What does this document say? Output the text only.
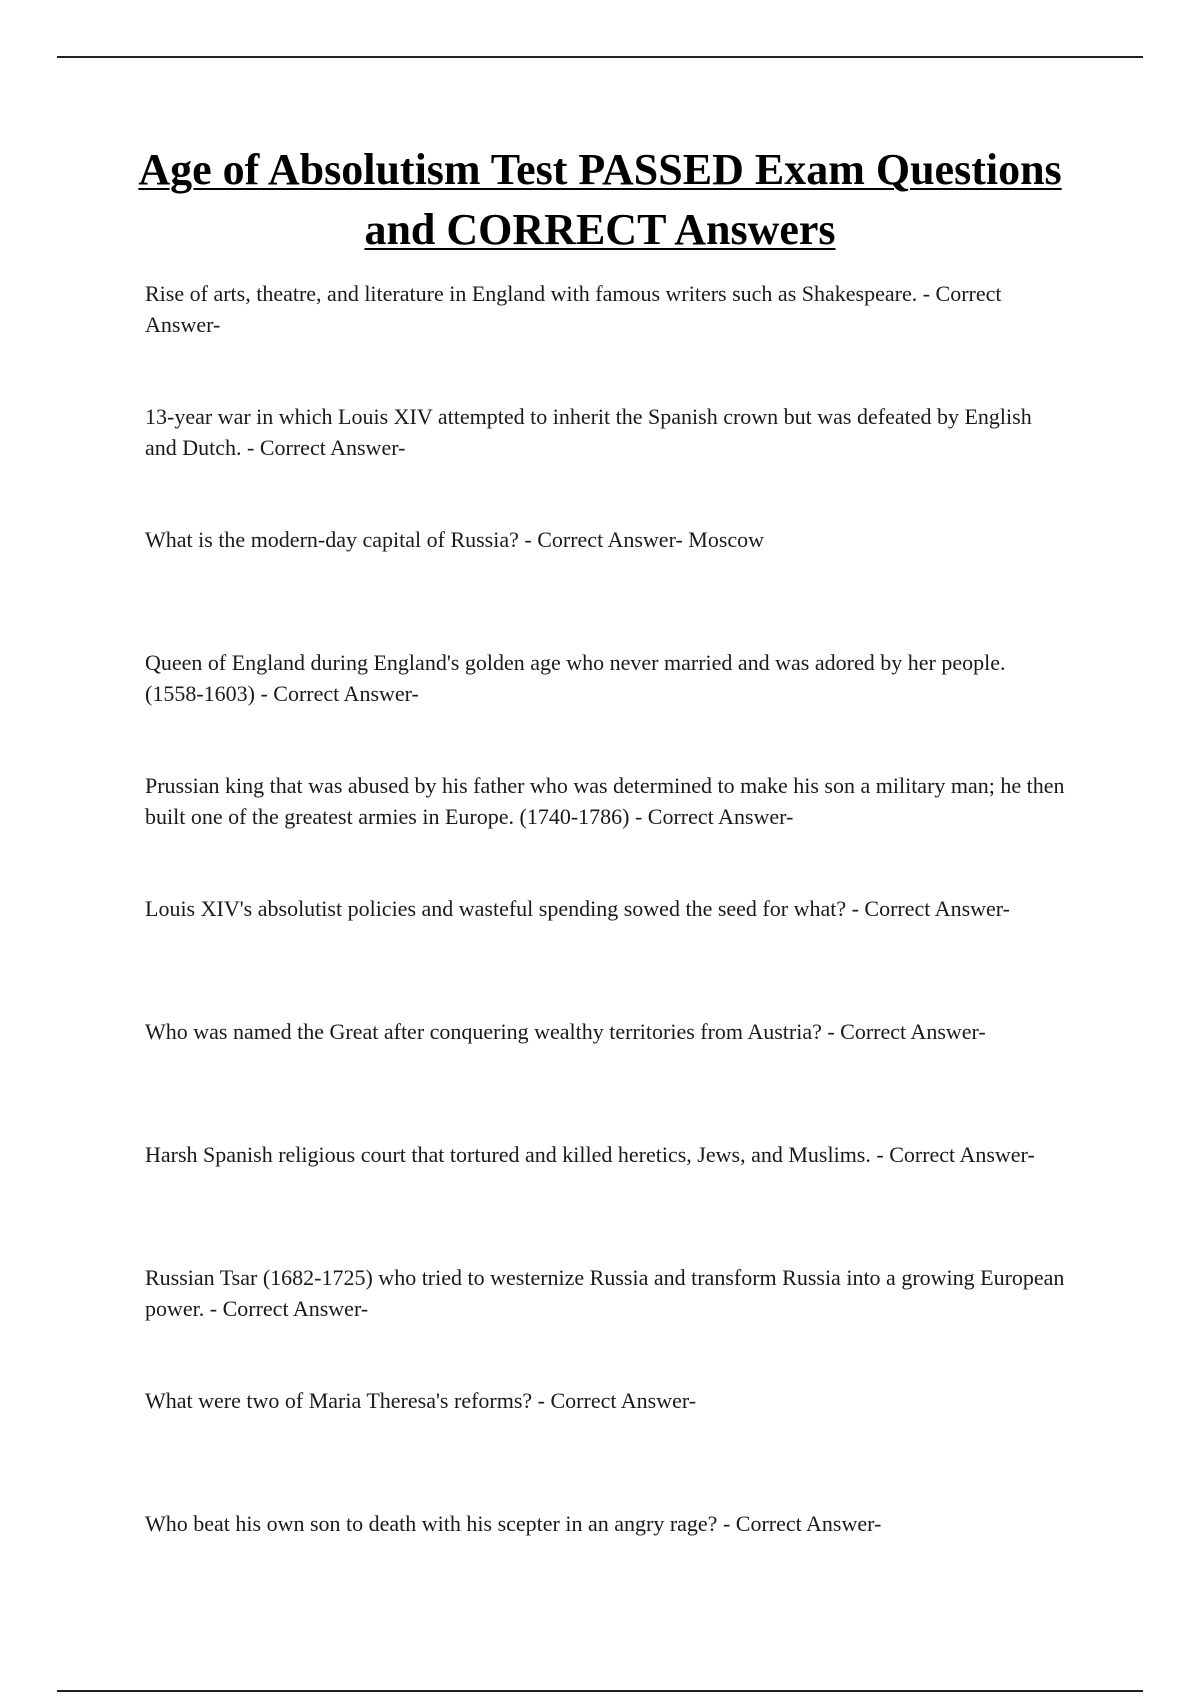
Age of Absolutism Test PASSED Exam Questions and CORRECT Answers
Rise of arts, theatre, and literature in England with famous writers such as Shakespeare. - Correct Answer-
13-year war in which Louis XIV attempted to inherit the Spanish crown but was defeated by English and Dutch. - Correct Answer-
What is the modern-day capital of Russia? - Correct Answer- Moscow
Queen of England during England's golden age who never married and was adored by her people. (1558-1603) - Correct Answer-
Prussian king that was abused by his father who was determined to make his son a military man; he then built one of the greatest armies in Europe. (1740-1786) - Correct Answer-
Louis XIV's absolutist policies and wasteful spending sowed the seed for what? - Correct Answer-
Who was named the Great after conquering wealthy territories from Austria? - Correct Answer-
Harsh Spanish religious court that tortured and killed heretics, Jews, and Muslims. - Correct Answer-
Russian Tsar (1682-1725) who tried to westernize Russia and transform Russia into a growing European power. - Correct Answer-
What were two of Maria Theresa's reforms? - Correct Answer-
Who beat his own son to death with his scepter in an angry rage? - Correct Answer-
